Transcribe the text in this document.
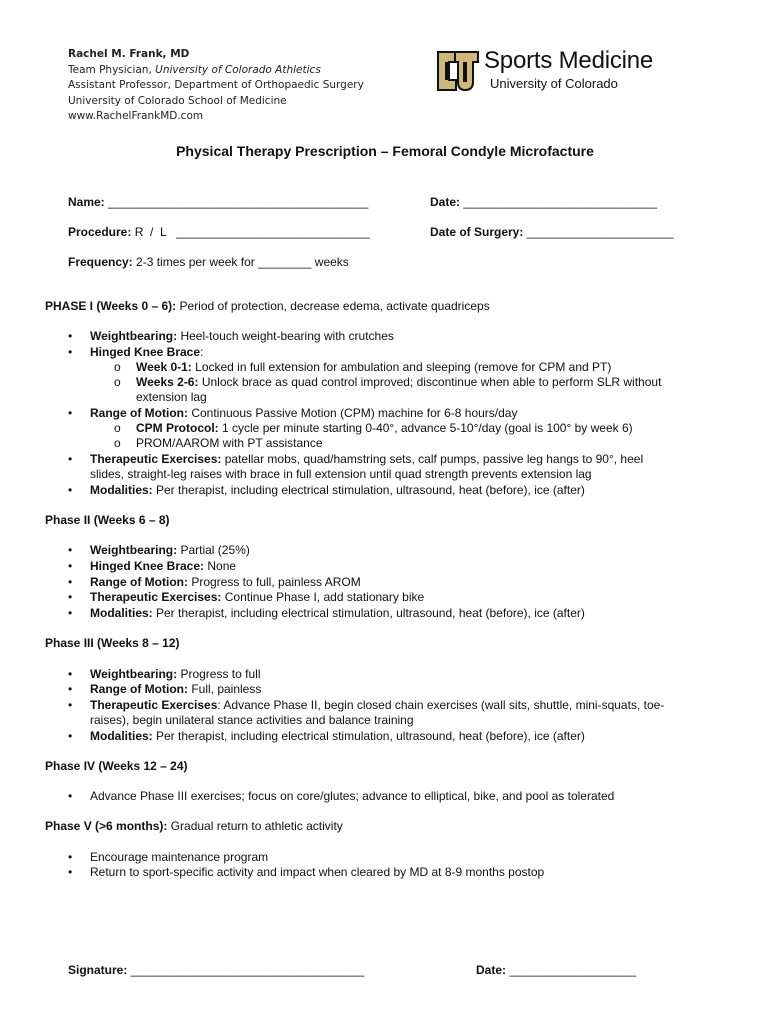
Rachel M. Frank, MD
Team Physician, University of Colorado Athletics
Assistant Professor, Department of Orthopaedic Surgery
University of Colorado School of Medicine
www.RachelFrankMD.com
Sports Medicine
University of Colorado
Physical Therapy Prescription – Femoral Condyle Microfacture
Name: _______________________________________	Date: _____________________________
Procedure: R  /  L   _____________________________	Date of Surgery: ______________________
Frequency: 2-3 times per week for ________ weeks
PHASE I (Weeks 0 – 6): Period of protection, decrease edema, activate quadriceps
• Weightbearing: Heel-touch weight-bearing with crutches
• Hinged Knee Brace:
o Week 0-1: Locked in full extension for ambulation and sleeping (remove for CPM and PT)
o Weeks 2-6: Unlock brace as quad control improved; discontinue when able to perform SLR without
extension lag
• Range of Motion: Continuous Passive Motion (CPM) machine for 6-8 hours/day
o CPM Protocol: 1 cycle per minute starting 0-40°, advance 5-10°/day (goal is 100° by week 6)
o PROM/AAROM with PT assistance
• Therapeutic Exercises: patellar mobs, quad/hamstring sets, calf pumps, passive leg hangs to 90°, heel
slides, straight-leg raises with brace in full extension until quad strength prevents extension lag
• Modalities: Per therapist, including electrical stimulation, ultrasound, heat (before), ice (after)
Phase II (Weeks 6 – 8)
• Weightbearing: Partial (25%)
• Hinged Knee Brace: None
• Range of Motion: Progress to full, painless AROM
• Therapeutic Exercises: Continue Phase I, add stationary bike
• Modalities: Per therapist, including electrical stimulation, ultrasound, heat (before), ice (after)
Phase III (Weeks 8 – 12)
• Weightbearing: Progress to full
• Range of Motion: Full, painless
• Therapeutic Exercises: Advance Phase II, begin closed chain exercises (wall sits, shuttle, mini-squats, toe-
raises), begin unilateral stance activities and balance training
• Modalities: Per therapist, including electrical stimulation, ultrasound, heat (before), ice (after)
Phase IV (Weeks 12 – 24)
• Advance Phase III exercises; focus on core/glutes; advance to elliptical, bike, and pool as tolerated
Phase V (>6 months): Gradual return to athletic activity
• Encourage maintenance program
• Return to sport-specific activity and impact when cleared by MD at 8-9 months postop
Signature: ___________________________________	Date: ___________________
